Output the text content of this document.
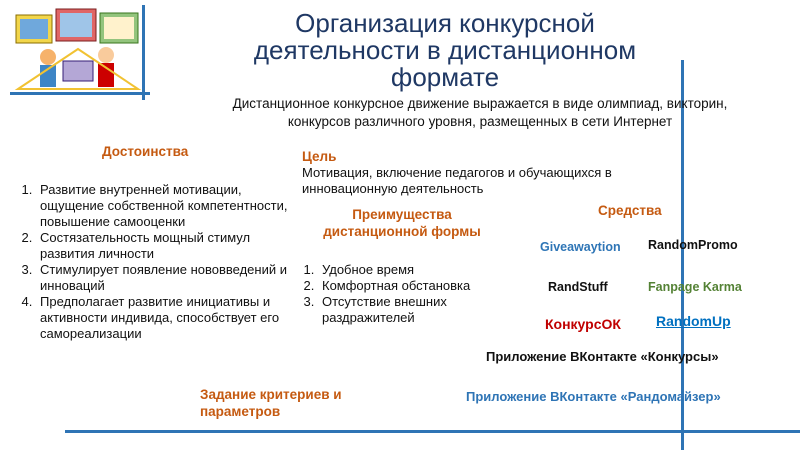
Организация конкурсной деятельности в дистанционном формате
Дистанционное конкурсное движение выражается в виде олимпиад, викторин, конкурсов различного уровня, размещенных в сети Интернет
Достоинства
1. Развитие внутренней мотивации, ощущение собственной компетентности, повышение самооценки
2. Состязательность мощный стимул развития личности
3. Стимулирует появление нововведений и инноваций
4. Предполагает развитие инициативы и активности индивида, способствует его самореализации
Цель
Мотивация, включение педагогов и обучающихся в инновационную деятельность
Преимущества дистанционной формы
1. Удобное время
2. Комфортная обстановка
3. Отсутствие внешних раздражителей
Средства
Giveawaytion RandomPromo
RandStuff	Fanpage Karma
КонкурсОК	RandomUp
Приложение ВКонтакте «Конкурсы»
Приложение ВКонтакте «Рандомайзер»
Задание критериев и параметров
